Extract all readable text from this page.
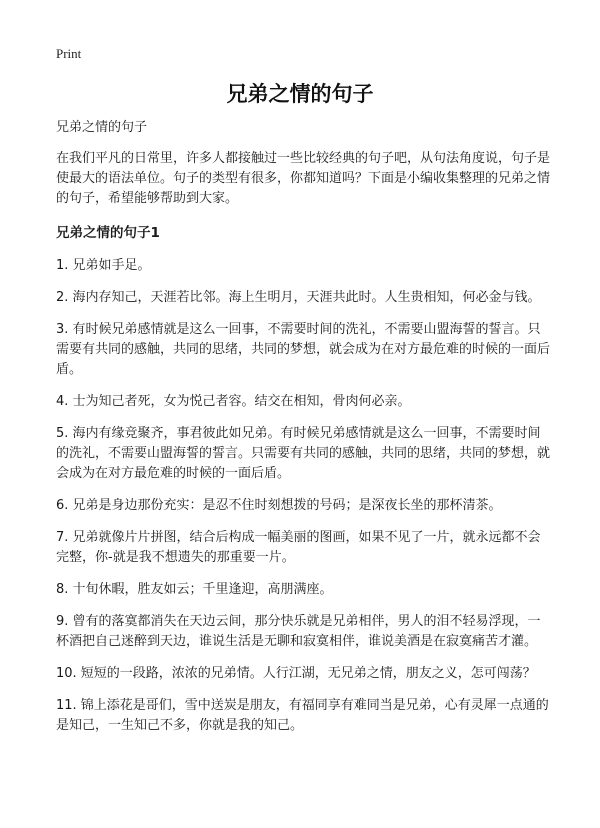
Print
兄弟之情的句子

兄弟之情的句子

在我们平凡的日常里，许多人都接触过一些比较经典的句子吧，从句法角度说，句子是使最大的语法单位。句子的类型有很多，你都知道吗？下面是小编收集整理的兄弟之情的句子，希望能够帮助到大家。

兄弟之情的句子1

1. 兄弟如手足。

2. 海内存知己，天涯若比邻。海上生明月，天涯共此时。人生贵相知，何必金与钱。

3. 有时候兄弟感情就是这么一回事，不需要时间的洗礼，不需要山盟海誓的誓言。只需要有共同的感触，共同的思绪，共同的梦想，就会成为在对方最危难的时候的一面后盾。

4. 士为知己者死，女为悦己者容。结交在相知，骨肉何必亲。

5. 海内有缘竞聚齐，事君彼此如兄弟。有时候兄弟感情就是这么一回事，不需要时间的洗礼，不需要山盟海誓的誓言。只需要有共同的感触，共同的思绪，共同的梦想，就会成为在对方最危难的时候的一面后盾。

6. 兄弟是身边那份充实：是忍不住时刻想拨的号码；是深夜长坐的那杯清茶。

7. 兄弟就像片片拼图，结合后构成一幅美丽的图画，如果不见了一片，就永远都不会完整，你-就是我不想遗失的那重要一片。

8. 十旬休暇，胜友如云；千里逢迎，高朋满座。

9. 曾有的落寞都消失在天边云间，那分快乐就是兄弟相伴，男人的泪不轻易浮现，一杯酒把自己迷醉到天边，谁说生活是无聊和寂寞相伴，谁说美酒是在寂寞痛苦才灌。

10. 短短的一段路，浓浓的兄弟情。人行江湖，无兄弟之情，朋友之义，怎可闯荡？

11. 锦上添花是哥们，雪中送炭是朋友，有福同享有难同当是兄弟，心有灵犀一点通的是知己，一生知己不多，你就是我的知己。
